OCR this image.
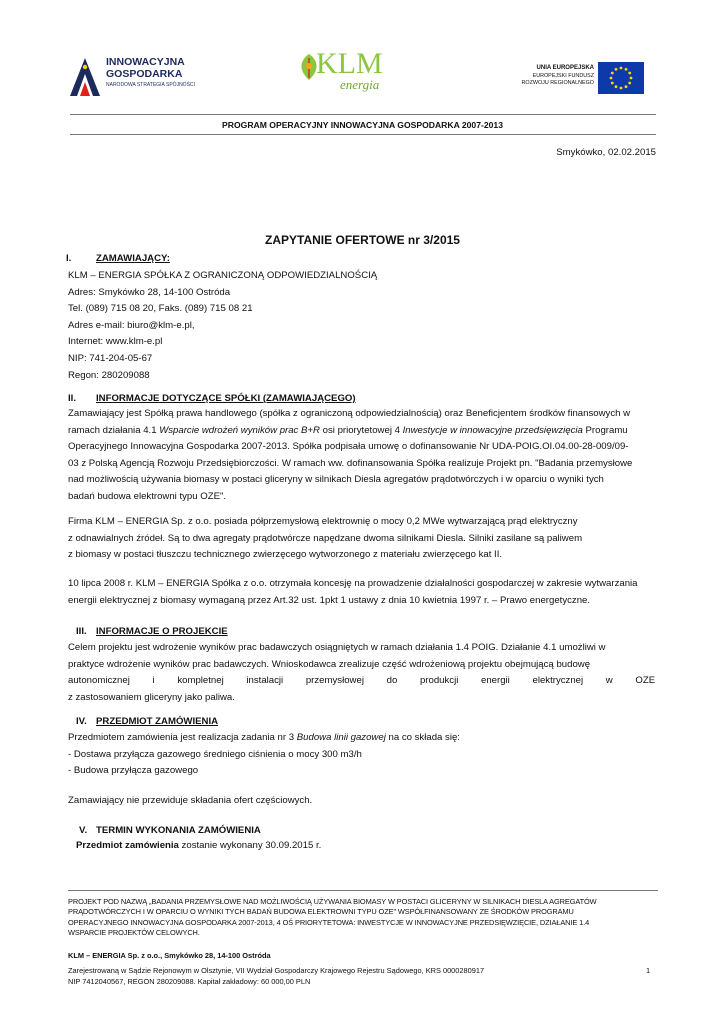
INNOWACYJNA
GOSPODARKA
NARODOWA STRATEGIA SPÓJNOŚCI
KLM
energia
UNIA EUROPEJSKA
EUROPEJSKI FUNDUSZ
ROZWOJU REGIONALNEGO
PROGRAM OPERACYJNY INNOWACYJNA GOSPODARKA 2007-2013
Smykówko, 02.02.2015
ZAPYTANIE OFERTOWE nr 3/2015
I.	ZAMAWIAJĄCY:
KLM – ENERGIA SPÓŁKA Z OGRANICZONĄ ODPOWIEDZIALNOŚCIĄ
Adres: Smykówko 28, 14-100 Ostróda
Tel. (089) 715 08 20, Faks. (089) 715 08 21
Adres e-mail: biuro@klm-e.pl,
Internet: www.klm-e.pl
NIP: 741-204-05-67
Regon: 280209088
II. INFORMACJE DOTYCZĄCE SPÓŁKI (ZAMAWIAJĄCEGO)
Zamawiający jest Spółką prawa handlowego (spółka z ograniczoną odpowiedzialnością) oraz Beneficjentem środków finansowych w
ramach działania 4.1 Wsparcie wdrożeń wyników prac B+R osi priorytetowej 4 Inwestycje w innowacyjne przedsięwzięcia Programu
Operacyjnego Innowacyjna Gospodarka 2007-2013. Spółka podpisała umowę o dofinansowanie Nr UDA-POIG.OI.04.00-28-009/09-
03 z Polską Agencją Rozwoju Przedsiębiorczości. W ramach ww. dofinansowania Spółka realizuje Projekt pn. "Badania przemysłowe
nad możliwością używania biomasy w postaci gliceryny w silnikach Diesla agregatów prądotwórczych i w oparciu o wyniki tych
badań budowa elektrowni typu OZE".
Firma KLM – ENERGIA Sp. z o.o. posiada półprzemysłową elektrownię o mocy 0,2 MWe wytwarzającą prąd elektryczny
z odnawialnych źródeł. Są to dwa agregaty prądotwórcze napędzane dwoma silnikami Diesla. Silniki zasilane są paliwem
z biomasy w postaci tłuszczu technicznego zwierzęcego wytworzonego z materiału zwierzęcego kat II.
10 lipca 2008 r. KLM – ENERGIA Spółka z o.o. otrzymała koncesję na prowadzenie działalności gospodarczej w zakresie wytwarzania
energii elektrycznej z biomasy wymaganą przez Art.32 ust. 1pkt 1 ustawy z dnia 10 kwietnia 1997 r. – Prawo energetyczne.
III. INFORMACJE O PROJEKCIE
Celem projektu jest wdrożenie wyników prac badawczych osiągniętych w ramach działania 1.4 POIG. Działanie 4.1 umożliwi w
praktyce wdrożenie wyników prac badawczych. Wnioskodawca zrealizuje część wdrożeniową projektu obejmującą budowę
autonomicznej i kompletnej instalacji przemysłowej do produkcji energii elektrycznej w OZE
z zastosowaniem gliceryny jako paliwa.
IV. PRZEDMIOT ZAMÓWIENIA
Przedmiotem zamówienia jest realizacja zadania nr 3 Budowa linii gazowej na co składa się:
- Dostawa przyłącza gazowego średniego ciśnienia o mocy 300 m3/h
- Budowa przyłącza gazowego
Zamawiający nie przewiduje składania ofert częściowych.
V. TERMIN WYKONANIA ZAMÓWIENIA
Przedmiot zamówienia zostanie wykonany 30.09.2015 r.
PROJEKT POD NAZWĄ „BADANIA PRZEMYSŁOWE NAD MOŻLIWOŚCIĄ UŻYWANIA BIOMASY W POSTACI GLICERYNY W SILNIKACH DIESLA AGREGATÓW
PRĄDOTWÓRCZYCH I W OPARCIU O WYNIKI TYCH BADAŃ BUDOWA ELEKTROWNI TYPU OZE" WSPÓŁFINANSOWANY ZE ŚRODKÓW PROGRAMU
OPERACYJNEGO INNOWACYJNA GOSPODARKA 2007-2013, 4 OŚ PRIORYTETOWA: INWESTYCJE W INNOWACYJNE PRZEDSIĘWZIĘCIE, DZIAŁANIE 1.4
WSPARCIE PROJEKTÓW CELOWYCH.
KLM – ENERGIA Sp. z o.o., Smykówko 28, 14-100 Ostróda
Zarejestrowaną w Sądzie Rejonowym w Olsztynie, VII Wydział Gospodarczy Krajowego Rejestru Sądowego, KRS 0000280917
NIP 7412040567, REGON 280209088. Kapitał zakładowy: 60 000,00 PLN
1
